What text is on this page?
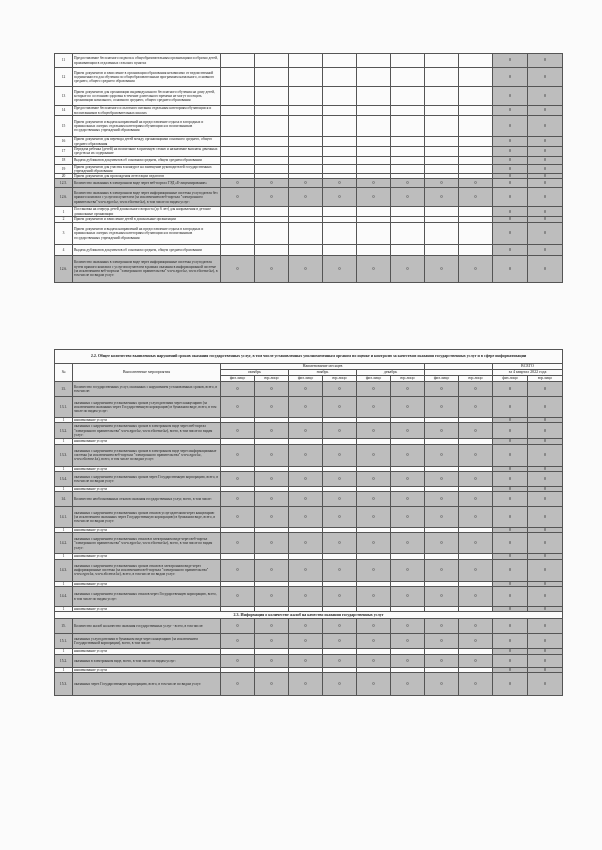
11	Предоставление бесплатного подвоза к общеобразовательным организациям и обратно детей, проживающим в отдаленных сельских пунктах									0	0
12	Прием документов и зачисление в организации образования независимо от ведомственной подчиненности для обучения по общеобразовательным программам начального, основного среднего, общего среднего образования									0	0
13	Прием документов для организации индивидуального бесплатного обучения на дому детей, которые по состоянию здоровья в течение длительного времени не могут посещать организации начального, основного среднего, общего среднего образования									0	0
14	Предоставление бесплатного и льготного питания отдельным категориям обучающихся и воспитанников в общеобразовательных школах									0	0
15	Прием документов и выдача направлений на предоставление отдыха в загородных и пришкольных лагерях отдельным категориям обучающихся и воспитанников государственных учреждений образования									0	0
16	Прием документов для перевода детей между организациями основного среднего, общего среднего образования									0	0
17	Передача ребенка (детей) на воспитание в приемную семью и назначение выплаты денежных средств на их содержание									0	0
18	Выдача дубликатов документов об основном среднем, общем среднем образовании									0	0
19	Прием документов для участия в конкурсе на замещение руководителей государственных учреждений образования									0	0
20	Прием документов для прохождения аттестации педагогов									0	0
12.5.	Количество оказанных в электронном виде через веб-портал ГЭД «Е-лицензирование»	0	0	0	0	0	0	0	0	0	0
12.6.	Количество оказанных в электронном виде через информационные системы услугодателя без прямого контакта с услугополучателем (за исключением веб-портала "электронного правительства" www.egov.kz, www.elicense.kz), в том числе по видам услуг:	0	0	0	0	0	0	0	0	0	0
1	Постановка на очередь детей дошкольного возраста (до 6 лет) для направления в детские дошкольные организации									0	0
2	Прием документов и зачисление детей в дошкольные организации									0	0
3	Прием документов и выдача направлений на предоставление отдыха в загородных и пришкольных лагерях отдельным категориям обучающихся и воспитанников государственных учреждений образования									0	0
4	Выдача дубликатов документов об основном среднем, общем среднем образовании									0	0
12.6.	Количество оказанных в электронном виде через информационные системы услугодателя путем прямого контакта с услугополучателем в рамках оказания в информационной системе (за исключением веб-портала "электронного правительства" www.egov.kz, www.elicense.kz), в том числе по видам услуг:	0	0	0	0	0	0	0	0	0	0
2.2. Общее количество выявленных нарушений сроков оказания государственных услуг, в том числе установленных уполномоченным органом по оценке и контролю за качеством оказания государственных услуг и в сфере информатизации											
№	Выполненные мероприятия	Наименование месяцев								ВСЕГО	
		октябрь		ноябрь		декабрь				за 4 квартал 2022 года	
		физ.лицо	юр.лицо	физ.лицо	юр.лицо	физ.лицо	юр.лицо	физ.лицо	юр.лицо	физ.лицо	юр.лицо
13.	Количество государственных услуг, оказанных с нарушением установленных сроков, всего, в том числе:	0	0	0	0	0	0	0	0	0	0
13.1.	оказанных с нарушением установленных сроков услугодателями через канцелярию (за исключением оказанных через Государственную корпорацию) в бумажном виде, всего, в том числе по видам услуг:	0	0	0	0	0	0	0	0	0	0
1	наименование услуги									0	0
13.2.	оказанных с нарушением установленных сроков в электронном виде через веб-портал "электронного правительства" www.egov.kz, www.elicense.kz), всего, в том числе по видам услуг:	0	0	0	0	0	0	0	0	0	0
1	наименование услуги									0	0
13.3.	оказанных с нарушением установленных сроков в электронном виде через информационные системы (за исключением веб-портала "электронного правительства" www.egov.kz, www.elicense.kz), всего, в том числе по видам услуг:	0	0	0	0	0	0	0	0	0	0
1	наименование услуги									0	0
13.4.	оказанных с нарушением установленных сроков через Государственную корпорацию, всего, в том числе по видам услуг:	0	0	0	0	0	0	0	0	0	0
1	наименование услуги									0	0
14.	Количество необоснованных отказов оказания государственных услуг, всего, в том числе:	0	0	0	0	0	0	0	0	0	0
14.1.	оказанных с нарушением установленных сроков отказов услугодателями через канцелярию (за исключением оказанных через Государственную корпорацию) в бумажном виде, всего, в том числе по видам услуг:	0	0	0	0	0	0	0	0	0	0
1	наименование услуги									0	0
14.2.	оказанных с нарушением установленных отказов в электронном виде через веб-портал "электронного правительства" www.egov.kz, www.elicense.kz), всего, в том числе по видам услуг:	0	0	0	0	0	0	0	0	0	0
1	наименование услуги									0	0
14.3.	оказанных с нарушением установленных сроков отказов в электронном виде через информационные системы (за исключением веб-портала "электронного правительства" www.egov.kz, www.elicense.kz), всего, в том числе по видам услуг:	0	0	0	0	0	0	0	0	0	0
1	наименование услуги									0	0
14.4.	оказанных с нарушением установленных отказов через Государственную корпорацию, всего, в том числе по видам услуг:	0	0	0	0	0	0	0	0	0	0
1	наименование услуги									0	0
2.3. Информация о количестве жалоб на качество оказания государственных услуг											
15.	Количество жалоб на качество оказания государственных услуг - всего, в том числе:	0	0	0	0	0	0	0	0	0	0
15.1.	оказанных услугодателями в бумажном виде через канцелярию (за исключением Государственной корпорации), всего, в том числе:	0	0	0	0	0	0	0	0	0	0
1	наименование услуги									0	0
15.2.	оказанных в электронном виде, всего, в том числе по видам услуг:	0	0	0	0	0	0	0	0	0	0
1	наименование услуги									0	0
15.3.	оказанных через Государственную корпорацию, всего, в том числе по видам услуг:	0	0	0	0	0	0	0	0	0	0
